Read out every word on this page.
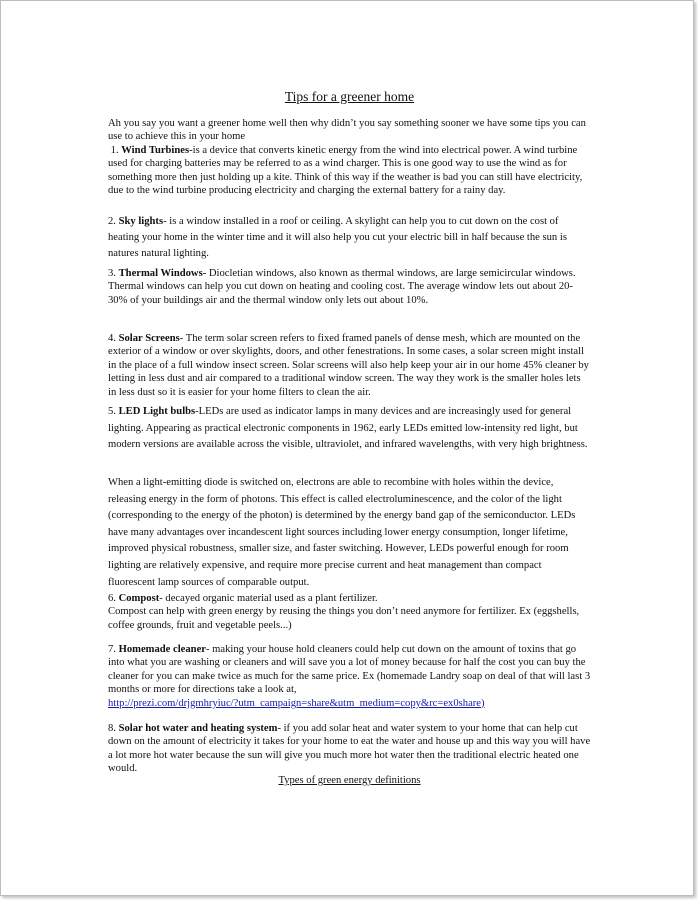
Tips for a greener home
Ah you say you want a greener home well then why didn’t you say something sooner we have some tips you can use to achieve this in your home
1. Wind Turbines-is a device that converts kinetic energy from the wind into electrical power. A wind turbine used for charging batteries may be referred to as a wind charger. This is one good way to use the wind as for something more then just holding up a kite. Think of this way if the weather is bad you can still have electricity, due to the wind turbine producing electricity and charging the external battery for a rainy day.
2. Sky lights- is a window installed in a roof or ceiling. A skylight can help you to cut down on the cost of heating your home in the winter time and it will also help you cut your electric bill in half because the sun is natures natural lighting.
3. Thermal Windows- Diocletian windows, also known as thermal windows, are large semicircular windows.
Thermal windows can help you cut down on heating and cooling cost. The average window lets out about 20-30% of your buildings air and the thermal window only lets out about 10%.
4. Solar Screens- The term solar screen refers to fixed framed panels of dense mesh, which are mounted on the exterior of a window or over skylights, doors, and other fenestrations. In some cases, a solar screen might install in the place of a full window insect screen. Solar screens will also help keep your air in our home 45% cleaner by letting in less dust and air compared to a traditional window screen. The way they work is the smaller holes lets in less dust so it is easier for your home filters to clean the air.
5. LED Light bulbs-LEDs are used as indicator lamps in many devices and are increasingly used for general lighting. Appearing as practical electronic components in 1962, early LEDs emitted low-intensity red light, but modern versions are available across the visible, ultraviolet, and infrared wavelengths, with very high brightness.
When a light-emitting diode is switched on, electrons are able to recombine with holes within the device, releasing energy in the form of photons. This effect is called electroluminescence, and the color of the light (corresponding to the energy of the photon) is determined by the energy band gap of the semiconductor. LEDs have many advantages over incandescent light sources including lower energy consumption, longer lifetime, improved physical robustness, smaller size, and faster switching. However, LEDs powerful enough for room lighting are relatively expensive, and require more precise current and heat management than compact fluorescent lamp sources of comparable output.
6. Compost- decayed organic material used as a plant fertilizer.
Compost can help with green energy by reusing the things you don’t need anymore for fertilizer. Ex (eggshells, coffee grounds, fruit and vegetable peels...)
7. Homemade cleaner- making your house hold cleaners could help cut down on the amount of toxins that go into what you are washing or cleaners and will save you a lot of money because for half the cost you can buy the cleaner for you can make twice as much for the same price. Ex (homemade Landry soap on deal of that will last 3 months or more for directions take a look at,
http://prezi.com/drjgmhryiuc/?utm_campaign=share&utm_medium=copy&rc=ex0share)
8. Solar hot water and heating system- if you add solar heat and water system to your home that can help cut down on the amount of electricity it takes for your home to eat the water and house up and this way you will have a lot more hot water because the sun will give you much more hot water then the traditional electric heated one would.
Types of green energy definitions
